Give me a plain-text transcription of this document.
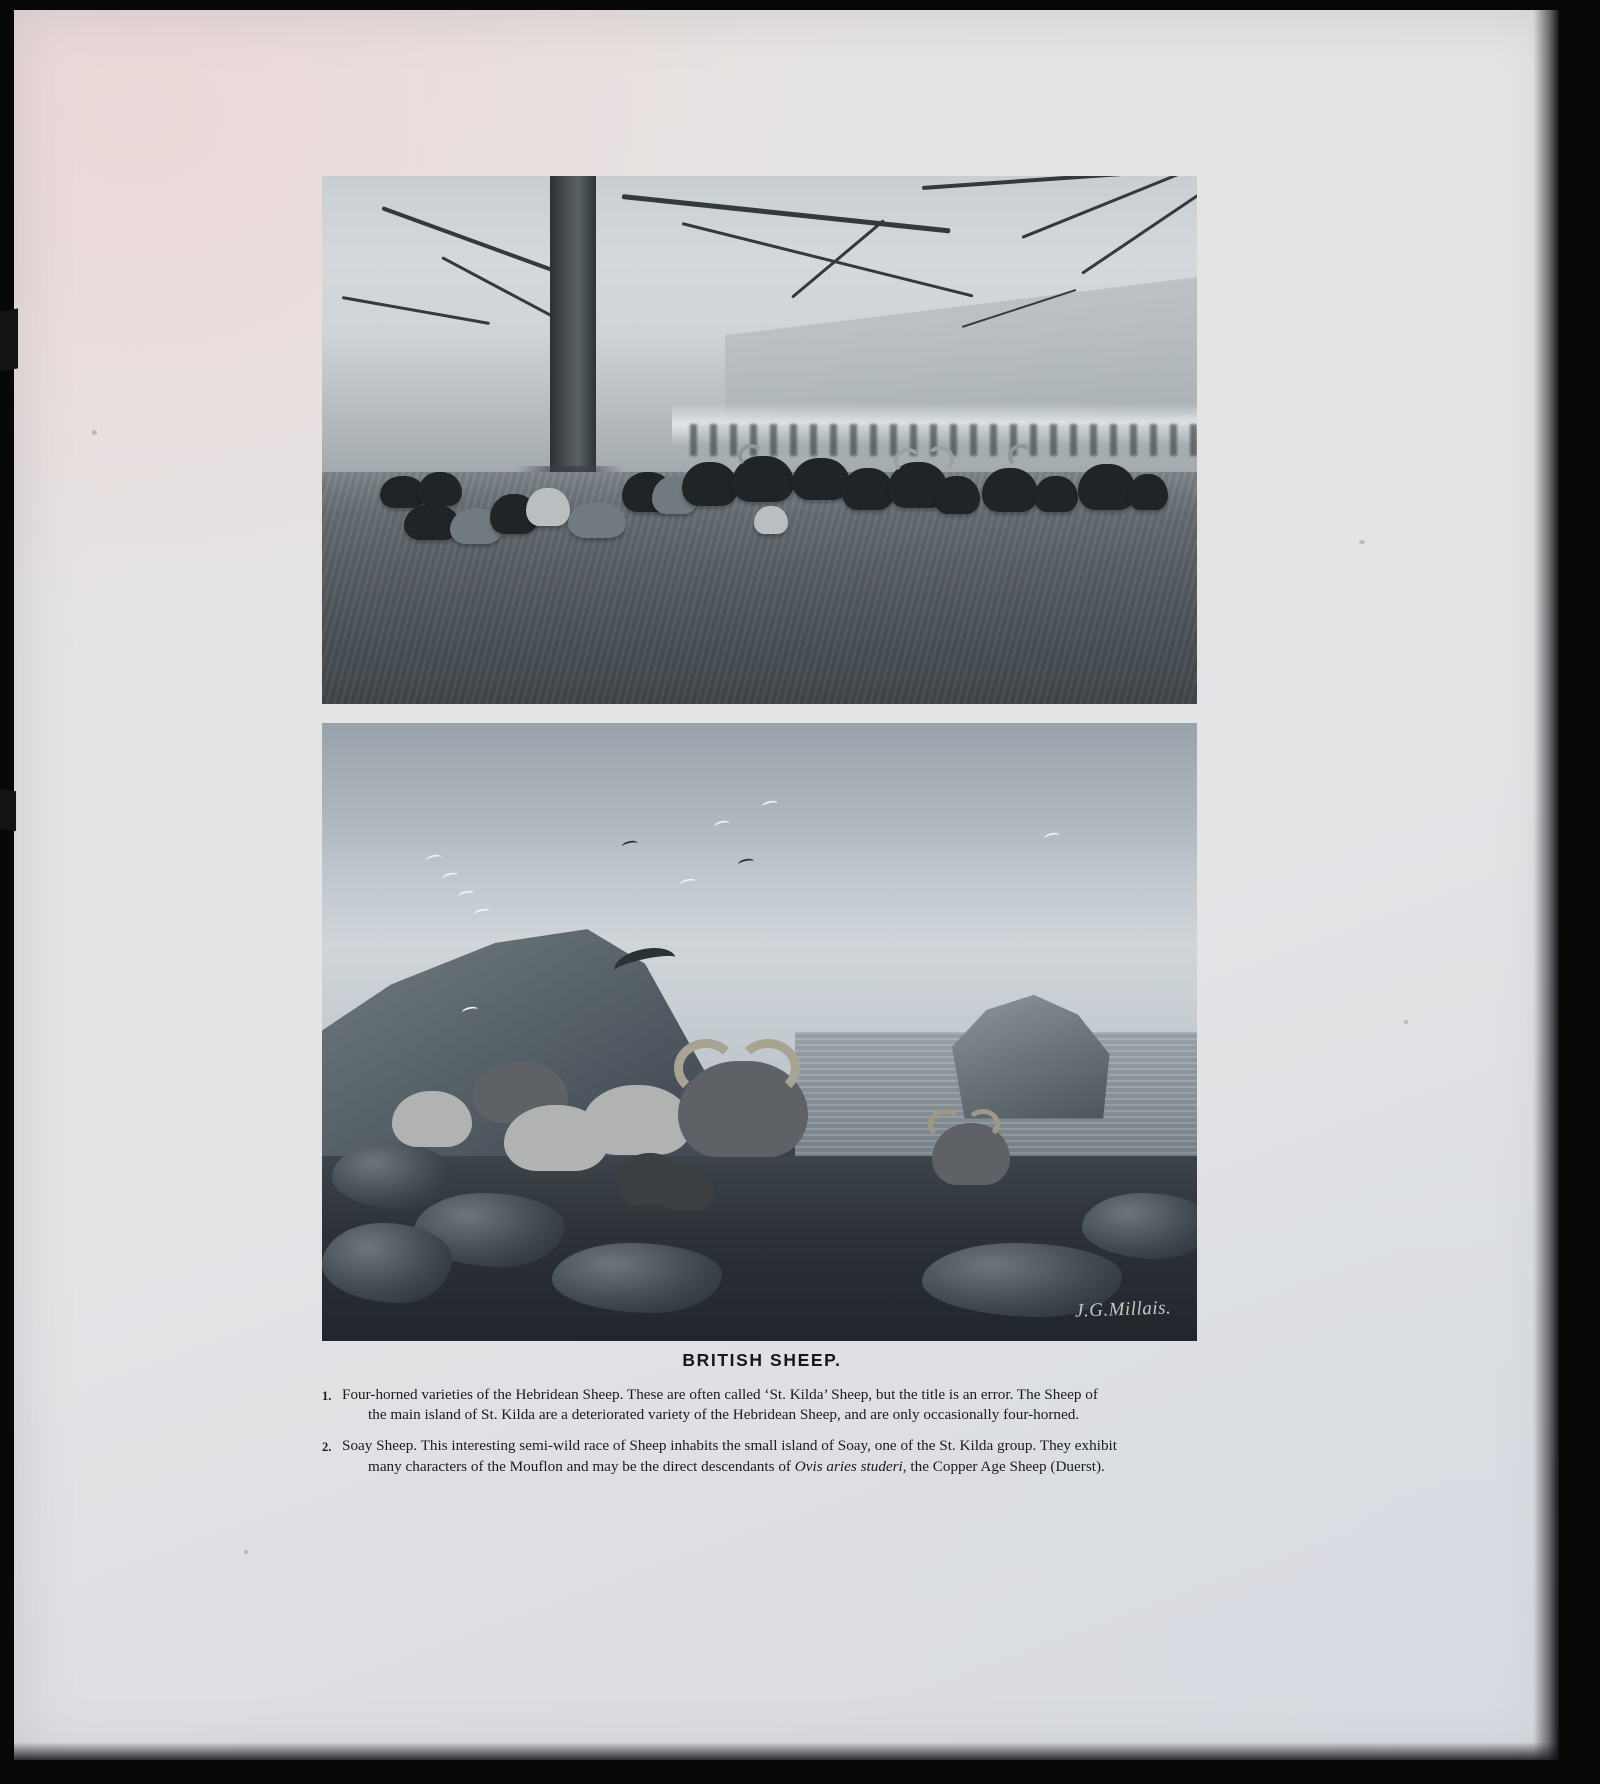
J.G.Millais.
BRITISH SHEEP.
1. Four-horned varieties of the Hebridean Sheep. These are often called ‘St. Kilda’ Sheep, but the title is an error. The Sheep of
the main island of St. Kilda are a deteriorated variety of the Hebridean Sheep, and are only occasionally four-horned.
2. Soay Sheep. This interesting semi-wild race of Sheep inhabits the small island of Soay, one of the St. Kilda group. They exhibit
many characters of the Mouflon and may be the direct descendants of Ovis aries studeri, the Copper Age Sheep (Duerst).
